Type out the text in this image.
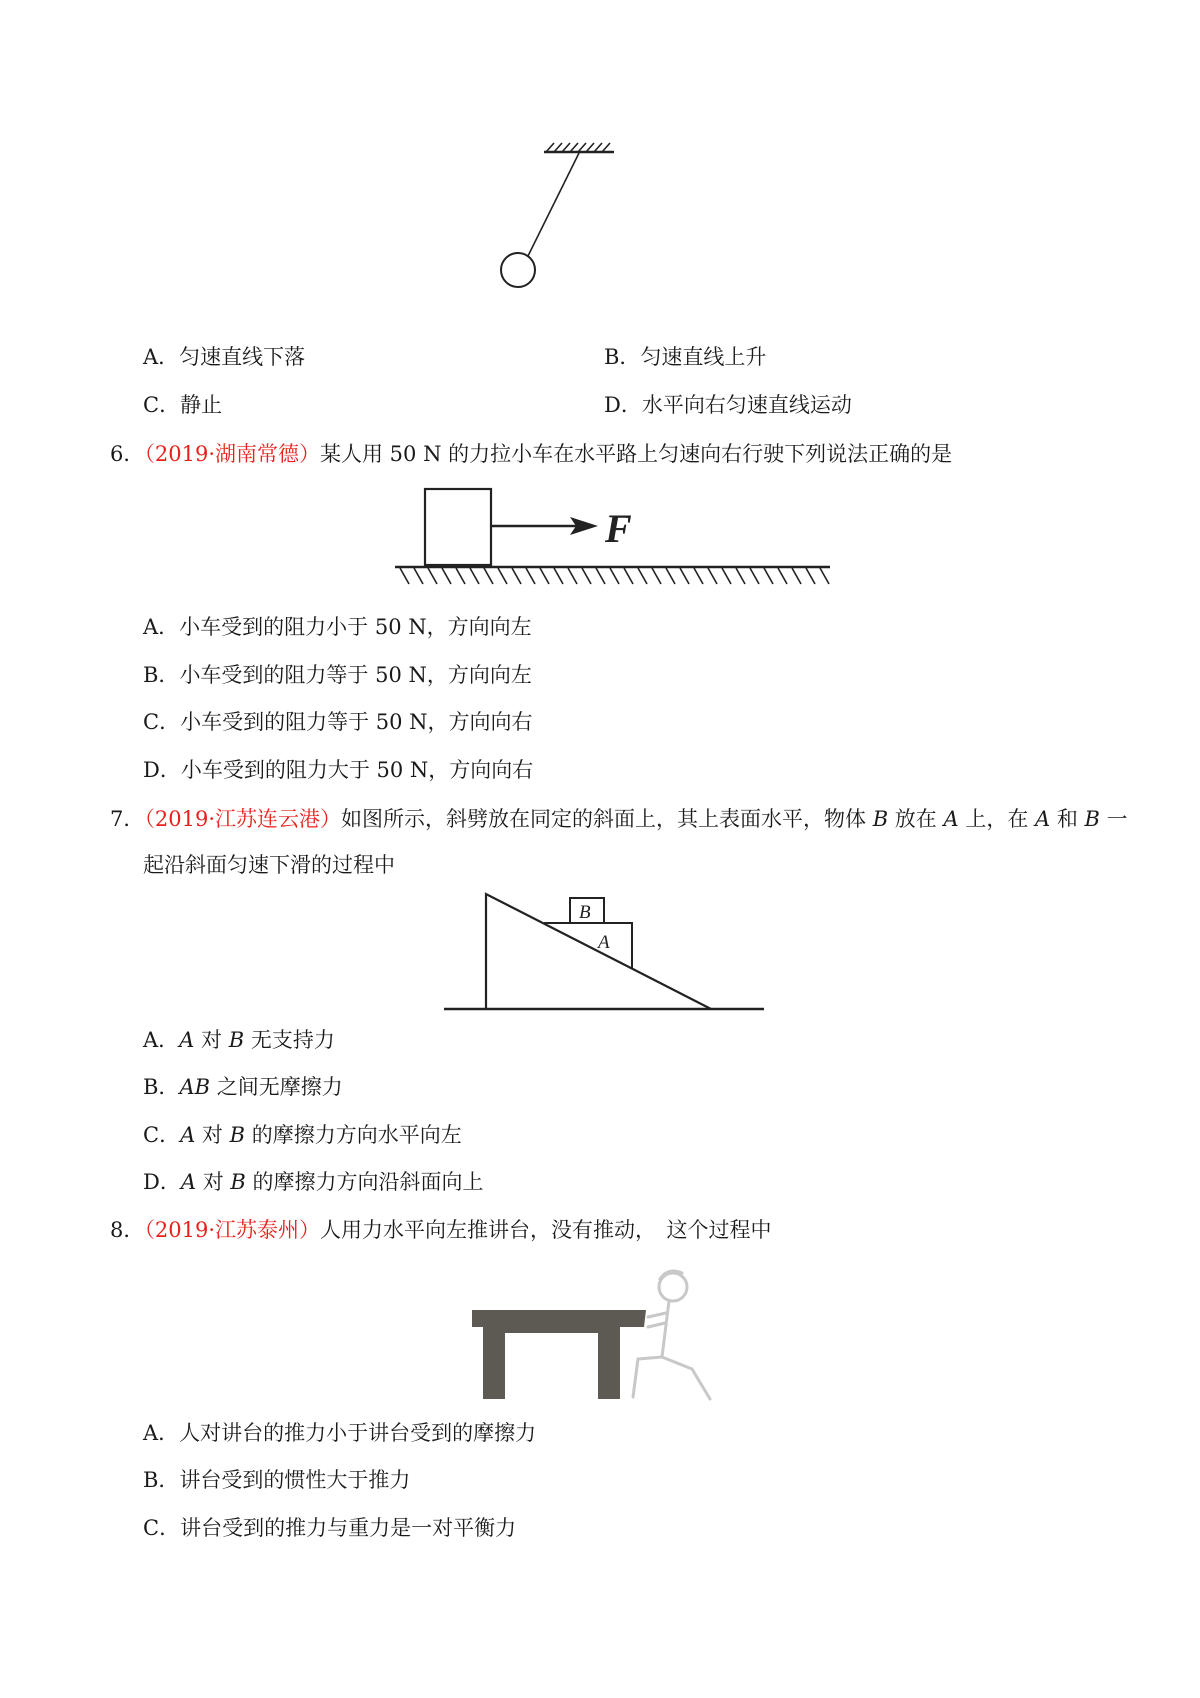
A．匀速直线下落	B．匀速直线上升
C．静止	D．水平向右匀速直线运动
6．（2019·湖南常德）某人用 50 N 的力拉小车在水平路上匀速向右行驶下列说法正确的是
F
A．小车受到的阻力小于 50 N，方向向左
B．小车受到的阻力等于 50 N，方向向左
C．小车受到的阻力等于 50 N，方向向右
D．小车受到的阻力大于 50 N，方向向右
7．（2019·江苏连云港）如图所示，斜劈放在同定的斜面上，其上表面水平，物体 B 放在 A 上，在 A 和 B 一
起沿斜面匀速下滑的过程中
B
A
A．A 对 B 无支持力
B．AB 之间无摩擦力
C．A 对 B 的摩擦力方向水平向左
D．A 对 B 的摩擦力方向沿斜面向上
8．（2019·江苏泰州）人用力水平向左推讲台，没有推动，　这个过程中
A．人对讲台的推力小于讲台受到的摩擦力
B．讲台受到的惯性大于推力
C．讲台受到的推力与重力是一对平衡力
